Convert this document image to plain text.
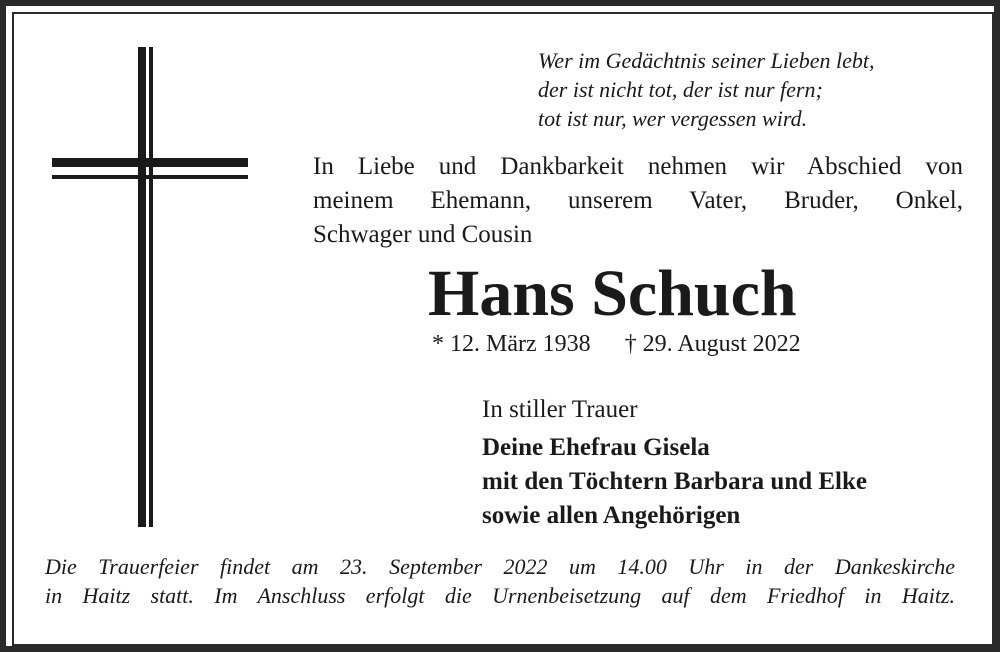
Wer im Gedächtnis seiner Lieben lebt,
der ist nicht tot, der ist nur fern;
tot ist nur, wer vergessen wird.
In Liebe und Dankbarkeit nehmen wir Abschied von
meinem Ehemann, unserem Vater, Bruder, Onkel,
Schwager und Cousin
Hans Schuch
* 12. März 1938 † 29. August 2022
In stiller Trauer
Deine Ehefrau Gisela
mit den Töchtern Barbara und Elke
sowie allen Angehörigen
Die Trauerfeier findet am 23. September 2022 um 14.00 Uhr in der Dankeskirche
in Haitz statt. Im Anschluss erfolgt die Urnenbeisetzung auf dem Friedhof in Haitz.
